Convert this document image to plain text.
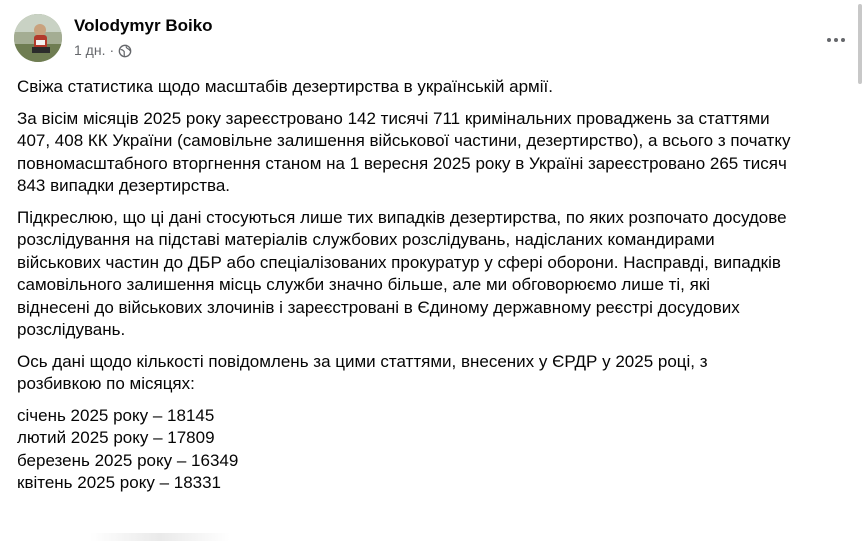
Volodymyr Boiko
1 дн. ·

Свіжа статистика щодо масштабів дезертирства в українській армії.

За вісім місяців 2025 року зареєстровано 142 тисячі 711 кримінальних проваджень за статтями
407, 408 КК України (самовільне залишення військової частини, дезертирство), а всього з початку
повномасштабного вторгнення станом на 1 вересня 2025 року в Україні зареєстровано 265 тисяч
843 випадки дезертирства.

Підкреслюю, що ці дані стосуються лише тих випадків дезертирства, по яких розпочато досудове
розслідування на підставі матеріалів службових розслідувань, надісланих командирами
військових частин до ДБР або спеціалізованих прокуратур у сфері оборони. Насправді, випадків
самовільного залишення місць служби значно більше, але ми обговорюємо лише ті, які
віднесені до військових злочинів і зареєстровані в Єдиному державному реєстрі досудових
розслідувань.

Ось дані щодо кількості повідомлень за цими статтями, внесених у ЄРДР у 2025 році, з
розбивкою по місяцях:

січень 2025 року – 18145

лютий 2025 року – 17809

березень 2025 року – 16349

квітень 2025 року – 18331
